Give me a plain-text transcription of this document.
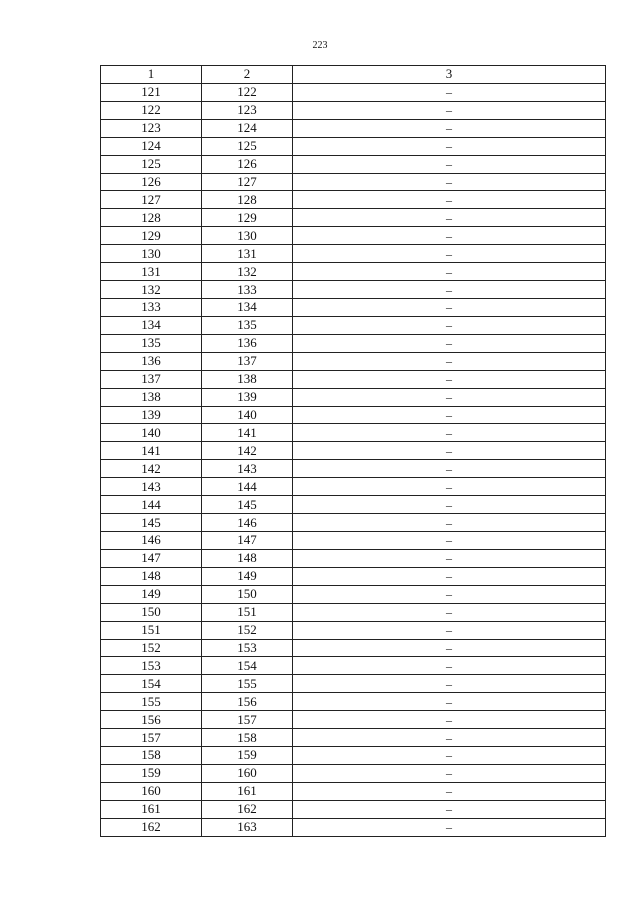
223
1	2	3
121	122	–
122	123	–
123	124	–
124	125	–
125	126	–
126	127	–
127	128	–
128	129	–
129	130	–
130	131	–
131	132	–
132	133	–
133	134	–
134	135	–
135	136	–
136	137	–
137	138	–
138	139	–
139	140	–
140	141	–
141	142	–
142	143	–
143	144	–
144	145	–
145	146	–
146	147	–
147	148	–
148	149	–
149	150	–
150	151	–
151	152	–
152	153	–
153	154	–
154	155	–
155	156	–
156	157	–
157	158	–
158	159	–
159	160	–
160	161	–
161	162	–
162	163	–
